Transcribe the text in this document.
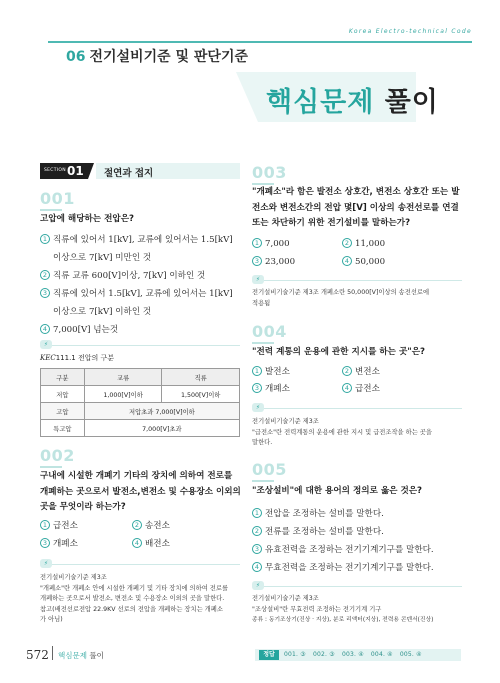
Korea Electro-technical Code
06 전기설비기준 및 판단기준
핵심문제 풀이
SECTION 01 절연과 접지
001
고압에 해당하는 전압은?
1 직류에 있어서 1[kV], 교류에 있어서는 1.5[kV]
이상으로 7[kV] 미만인 것
2 직류 교류 600[V]이상, 7[kV] 이하인 것
3 직류에 있어서 1.5[kV], 교류에 있어서는 1[kV]
이상으로 7[kV] 이하인 것
4 7,000[V] 넘는것
⚡
KEC111.1 전압의 구분
구분	교류	직류
저압	1,000[V]이하	1,500[V]이하
고압	저압초과 7,000[V]이하	
특고압	7,000[V]초과	
002
구내에 시설한 개폐기 기타의 장치에 의하여 전로를 개폐하는 곳으로서 발전소,변전소 및 수용장소 이외의 곳을 무엇이라 하는가?
1 급전소	2 송전소
3 개폐소	4 배전소
⚡
전기설비기술기준 제3조
"개폐소"란 개폐소 안에 시설한 개폐기 및 기타 장치에 의하여 전로를
개폐하는 곳으로서 발전소, 변전소 및 수용장소 이외의 곳을 말한다.
참고(배전선로전압 22.9KV 선로의 전압을 개폐하는 장치는 개폐소
가 아님)
003
"개폐소"라 함은 발전소 상호간, 변전소 상호간 또는 발전소와 변전소간의 전압 몇[V] 이상의 송전선로를 연결 또는 차단하기 위한 전기설비를 말하는가?
1 7,000	2 11,000
3 23,000	4 50,000
⚡
전기설비기술기준 제3조 개폐소란 50,000[V]이상의 송전선로에
적용됨
004
"전력 계통의 운용에 관한 지시를 하는 곳"은?
1 발전소	2 변전소
3 개폐소	4 급전소
⚡
전기설비기술기준 제3조
"급전소"란 전력계통의 운용에 관한 지시 및 급전조작을 하는 곳을
말한다.
005
"조상설비"에 대한 용어의 정의로 옳은 것은?
1 전압을 조정하는 설비를 말한다.
2 전류를 조정하는 설비를 말한다.
3 유효전력을 조정하는 전기기계기구를 말한다.
4 무효전력을 조정하는 전기기계기구를 말한다.
⚡
전기설비기술기준 제3조
"조상설비"란 무효전력 조정하는 전기기계 기구
종류 : 동기조상기(진상 · 지상), 분로 리액터(지상), 전력용 콘덴서(진상)
572 핵심문제 풀이	정답	001. ③ 002. ③ 003. ④ 004. ④ 005. ④
